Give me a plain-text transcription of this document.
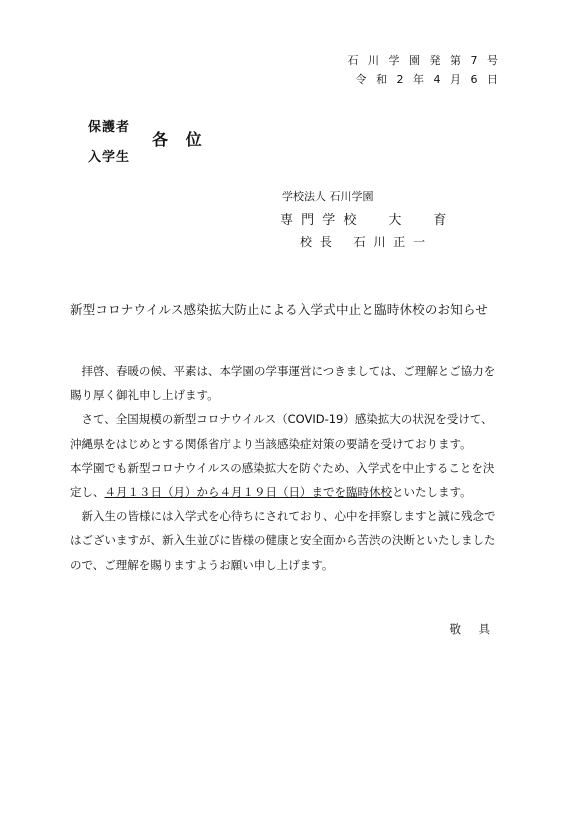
石 川 学 園 発 第 7 号
令 和 2 年 4 月 6 日
保護者
入学生
各 位
学校法人 石川学園
専 門 学 校　　大　　育
校 長　 石 川 正 一
新型コロナウイルス感染拡大防止による入学式中止と臨時休校のお知らせ
　拝啓、春暖の候、平素は、本学園の学事運営につきましては、ご理解とご協力を
賜り厚く御礼申し上げます。
　さて、全国規模の新型コロナウイルス（COVID-19）感染拡大の状況を受けて、
沖縄県をはじめとする関係省庁より当該感染症対策の要請を受けております。
本学園でも新型コロナウイルスの感染拡大を防ぐため、入学式を中止することを決
定し、４月１３日（月）から４月１９日（日）までを臨時休校といたします。
　新入生の皆様には入学式を心待ちにされており、心中を拝察しますと誠に残念で
はございますが、新入生並びに皆様の健康と安全面から苦渋の決断といたしました
ので、ご理解を賜りますようお願い申し上げます。
敬　具
